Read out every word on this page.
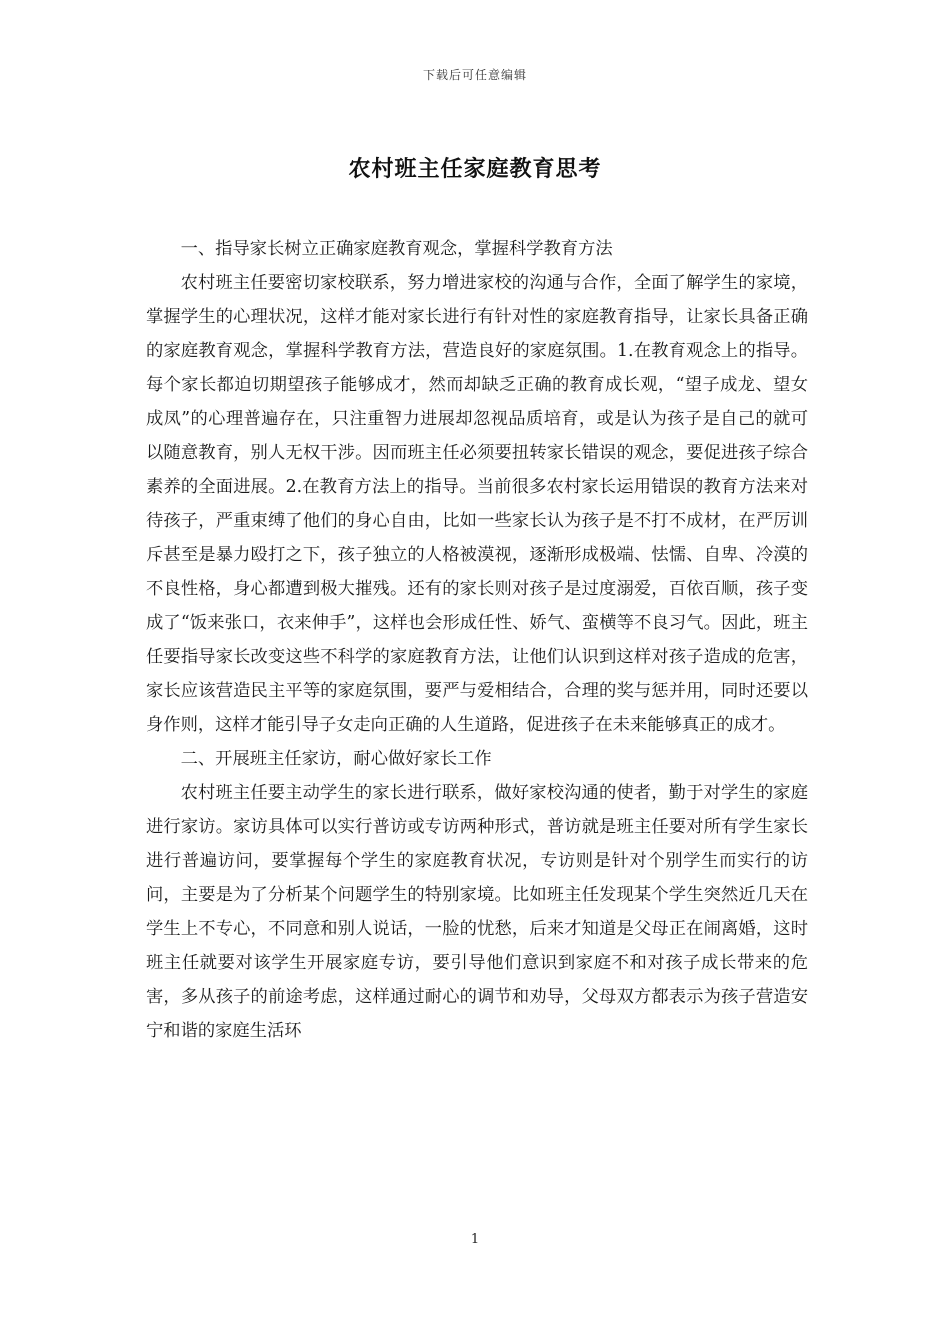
下载后可任意编辑
农村班主任家庭教育思考

一、指导家长树立正确家庭教育观念，掌握科学教育方法

农村班主任要密切家校联系，努力增进家校的沟通与合作，全面了解学生的家境，掌握学生的心理状况，这样才能对家长进行有针对性的家庭教育指导，让家长具备正确的家庭教育观念，掌握科学教育方法，营造良好的家庭氛围。1.在教育观念上的指导。每个家长都迫切期望孩子能够成才，然而却缺乏正确的教育成长观，“望子成龙、望女成凤”的心理普遍存在，只注重智力进展却忽视品质培育，或是认为孩子是自己的就可以随意教育，别人无权干涉。因而班主任必须要扭转家长错误的观念，要促进孩子综合素养的全面进展。2.在教育方法上的指导。当前很多农村家长运用错误的教育方法来对待孩子，严重束缚了他们的身心自由，比如一些家长认为孩子是不打不成材，在严厉训斥甚至是暴力殴打之下，孩子独立的人格被漠视，逐渐形成极端、怯懦、自卑、冷漠的不良性格，身心都遭到极大摧残。还有的家长则对孩子是过度溺爱，百依百顺，孩子变成了“饭来张口，衣来伸手”，这样也会形成任性、娇气、蛮横等不良习气。因此，班主任要指导家长改变这些不科学的家庭教育方法，让他们认识到这样对孩子造成的危害，家长应该营造民主平等的家庭氛围，要严与爱相结合，合理的奖与惩并用，同时还要以身作则，这样才能引导子女走向正确的人生道路，促进孩子在未来能够真正的成才。

二、开展班主任家访，耐心做好家长工作

农村班主任要主动学生的家长进行联系，做好家校沟通的使者，勤于对学生的家庭进行家访。家访具体可以实行普访或专访两种形式，普访就是班主任要对所有学生家长进行普遍访问，要掌握每个学生的家庭教育状况，专访则是针对个别学生而实行的访问，主要是为了分析某个问题学生的特别家境。比如班主任发现某个学生突然近几天在学生上不专心，不同意和别人说话，一脸的忧愁，后来才知道是父母正在闹离婚，这时班主任就要对该学生开展家庭专访，要引导他们意识到家庭不和对孩子成长带来的危害，多从孩子的前途考虑，这样通过耐心的调节和劝导，父母双方都表示为孩子营造安宁和谐的家庭生活环

1
